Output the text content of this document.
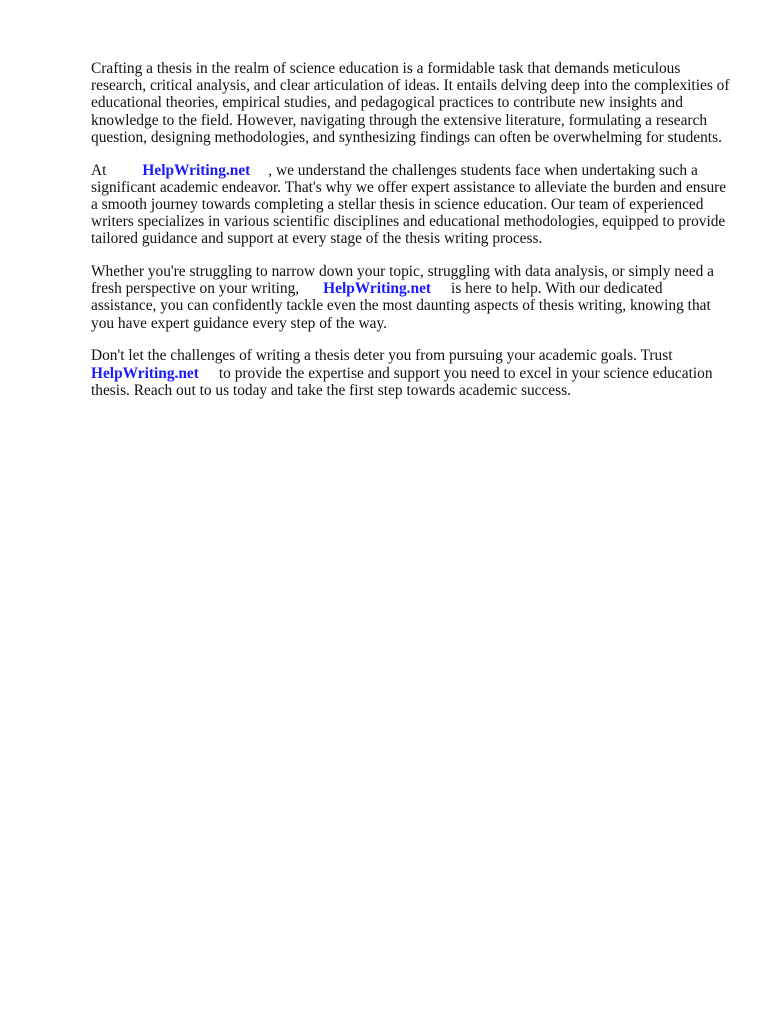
Crafting a thesis in the realm of science education is a formidable task that demands meticulous research, critical analysis, and clear articulation of ideas. It entails delving deep into the complexities of educational theories, empirical studies, and pedagogical practices to contribute new insights and knowledge to the field. However, navigating through the extensive literature, formulating a research question, designing methodologies, and synthesizing findings can often be overwhelming for students.

At HelpWriting.net , we understand the challenges students face when undertaking such a significant academic endeavor. That's why we offer expert assistance to alleviate the burden and ensure a smooth journey towards completing a stellar thesis in science education. Our team of experienced writers specializes in various scientific disciplines and educational methodologies, equipped to provide tailored guidance and support at every stage of the thesis writing process.

Whether you're struggling to narrow down your topic, struggling with data analysis, or simply need a fresh perspective on your writing, HelpWriting.net is here to help. With our dedicated assistance, you can confidently tackle even the most daunting aspects of thesis writing, knowing that you have expert guidance every step of the way.

Don't let the challenges of writing a thesis deter you from pursuing your academic goals. Trust HelpWriting.net to provide the expertise and support you need to excel in your science education thesis. Reach out to us today and take the first step towards academic success.
